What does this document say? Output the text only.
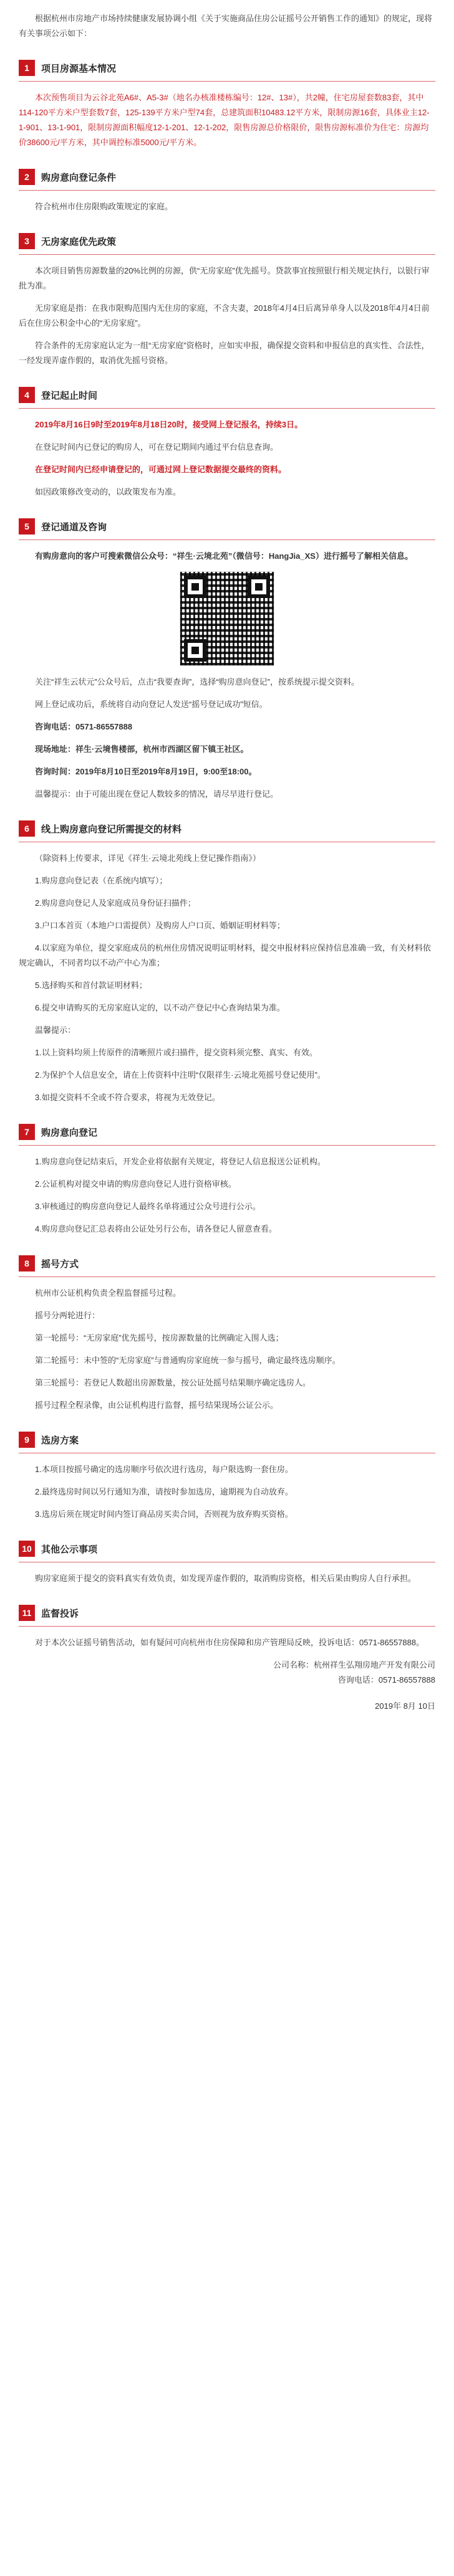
根据杭州市房地产市场持续健康发展协调小组《关于实施商品住房公证摇号公开销售工作的通知》的规定，现将有关事项公示如下：

1	项目房源基本情况

本次预售项目为云谷北苑A6#、A5-3#（地名办核准楼栋编号：12#、13#），共2幢，住宅房屋套数83套，其中114-120平方米户型套数7套，125-139平方米户型74套，总建筑面积10483.12平方米，限制房源16套，具体业主12-1-901、13-1-901，限制房源面积幅度12-1-201、12-1-202，限售房源总价格限价，限售房源标准价为住宅：房源均价38600元/平方米，其中调控标准5000元/平方米。

2	购房意向登记条件

符合杭州市住房限购政策规定的家庭。

3	无房家庭优先政策

本次项目销售房源数量的20%比例的房源，供“无房家庭”优先摇号。贷款事宜按照银行相关规定执行，以银行审批为准。

无房家庭是指：在我市限购范围内无住房的家庭，不含夫妻，2018年4月4日后离异单身人以及2018年4月4日前后在住房公积金中心的“无房家庭”。

符合条件的无房家庭认定为一组“无房家庭”资格时，应如实申报，确保提交资料和申报信息的真实性、合法性，一经发现弄虚作假的，取消优先摇号资格。

4	登记起止时间

2019年8月16日9时至2019年8月18日20时，接受网上登记报名，持续3日。

在登记时间内已登记的购房人，可在登记期间内通过平台信息查询。

在登记时间内已经申请登记的，可通过网上登记数据提交最终的资料。

如因政策修改变动的，以政策发布为准。

5	登记通道及咨询

有购房意向的客户可搜索微信公众号：“祥生·云境北苑”（微信号：HangJia_XS）进行摇号了解相关信息。

关注“祥生云状元”公众号后，点击“我要查询”，选择“购房意向登记”，按系统提示提交资料。

网上登记成功后，系统将自动向登记人发送“摇号登记成功”短信。

咨询电话：0571-86557888

现场地址：祥生·云境售楼部，杭州市西湖区留下镇王社区。

咨询时间：2019年8月10日至2019年8月19日，9:00至18:00。

温馨提示：由于可能出现在登记人数较多的情况，请尽早进行登记。

6	线上购房意向登记所需提交的材料

（除资料上传要求，详见《祥生·云境北苑线上登记操作指南》）

1.购房意向登记表（在系统内填写）；

2.购房意向登记人及家庭成员身份证扫描件；

3.户口本首页（本地户口需提供）及购房人户口页、婚姻证明材料等；

4.以家庭为单位，提交家庭成员的杭州住房情况说明证明材料，提交申报材料应保持信息准确一致，有关材料依规定确认，不同者均以不动产中心为准；

5.选择购买和首付款证明材料；

6.提交申请购买的无房家庭认定的，以不动产登记中心查询结果为准。

温馨提示：

1.以上资料均须上传原件的清晰照片或扫描件，提交资料须完整、真实、有效。

2.为保护个人信息安全，请在上传资料中注明“仅限祥生·云境北苑摇号登记使用”。

3.如提交资料不全或不符合要求，将视为无效登记。

7	购房意向登记

1.购房意向登记结束后，开发企业将依据有关规定，将登记人信息报送公证机构。

2.公证机构对提交申请的购房意向登记人进行资格审核。

3.审核通过的购房意向登记人最终名单将通过公众号进行公示。

4.购房意向登记汇总表将由公证处另行公布，请各登记人留意查看。

8	摇号方式

杭州市公证机构负责全程监督摇号过程。

摇号分两轮进行：

第一轮摇号：“无房家庭”优先摇号，按房源数量的比例确定入围人选；

第二轮摇号：未中签的“无房家庭”与普通购房家庭统一参与摇号，确定最终选房顺序。

第三轮摇号：若登记人数超出房源数量，按公证处摇号结果顺序确定选房人。

摇号过程全程录像，由公证机构进行监督，摇号结果现场公证公示。

9	选房方案

1.本项目按摇号确定的选房顺序号依次进行选房，每户限选购一套住房。

2.最终选房时间以另行通知为准，请按时参加选房，逾期视为自动放弃。

3.选房后须在规定时间内签订商品房买卖合同，否则视为放弃购买资格。

10	其他公示事项

购房家庭须于提交的资料真实有效负责，如发现弄虚作假的，取消购房资格，相关后果由购房人自行承担。

11	监督投诉

对于本次公证摇号销售活动，如有疑问可向杭州市住房保障和房产管理局反映，投诉电话：0571-86557888。

公司名称：杭州祥生弘翔房地产开发有限公司

咨询电话：0571-86557888

2019年 8月 10日
